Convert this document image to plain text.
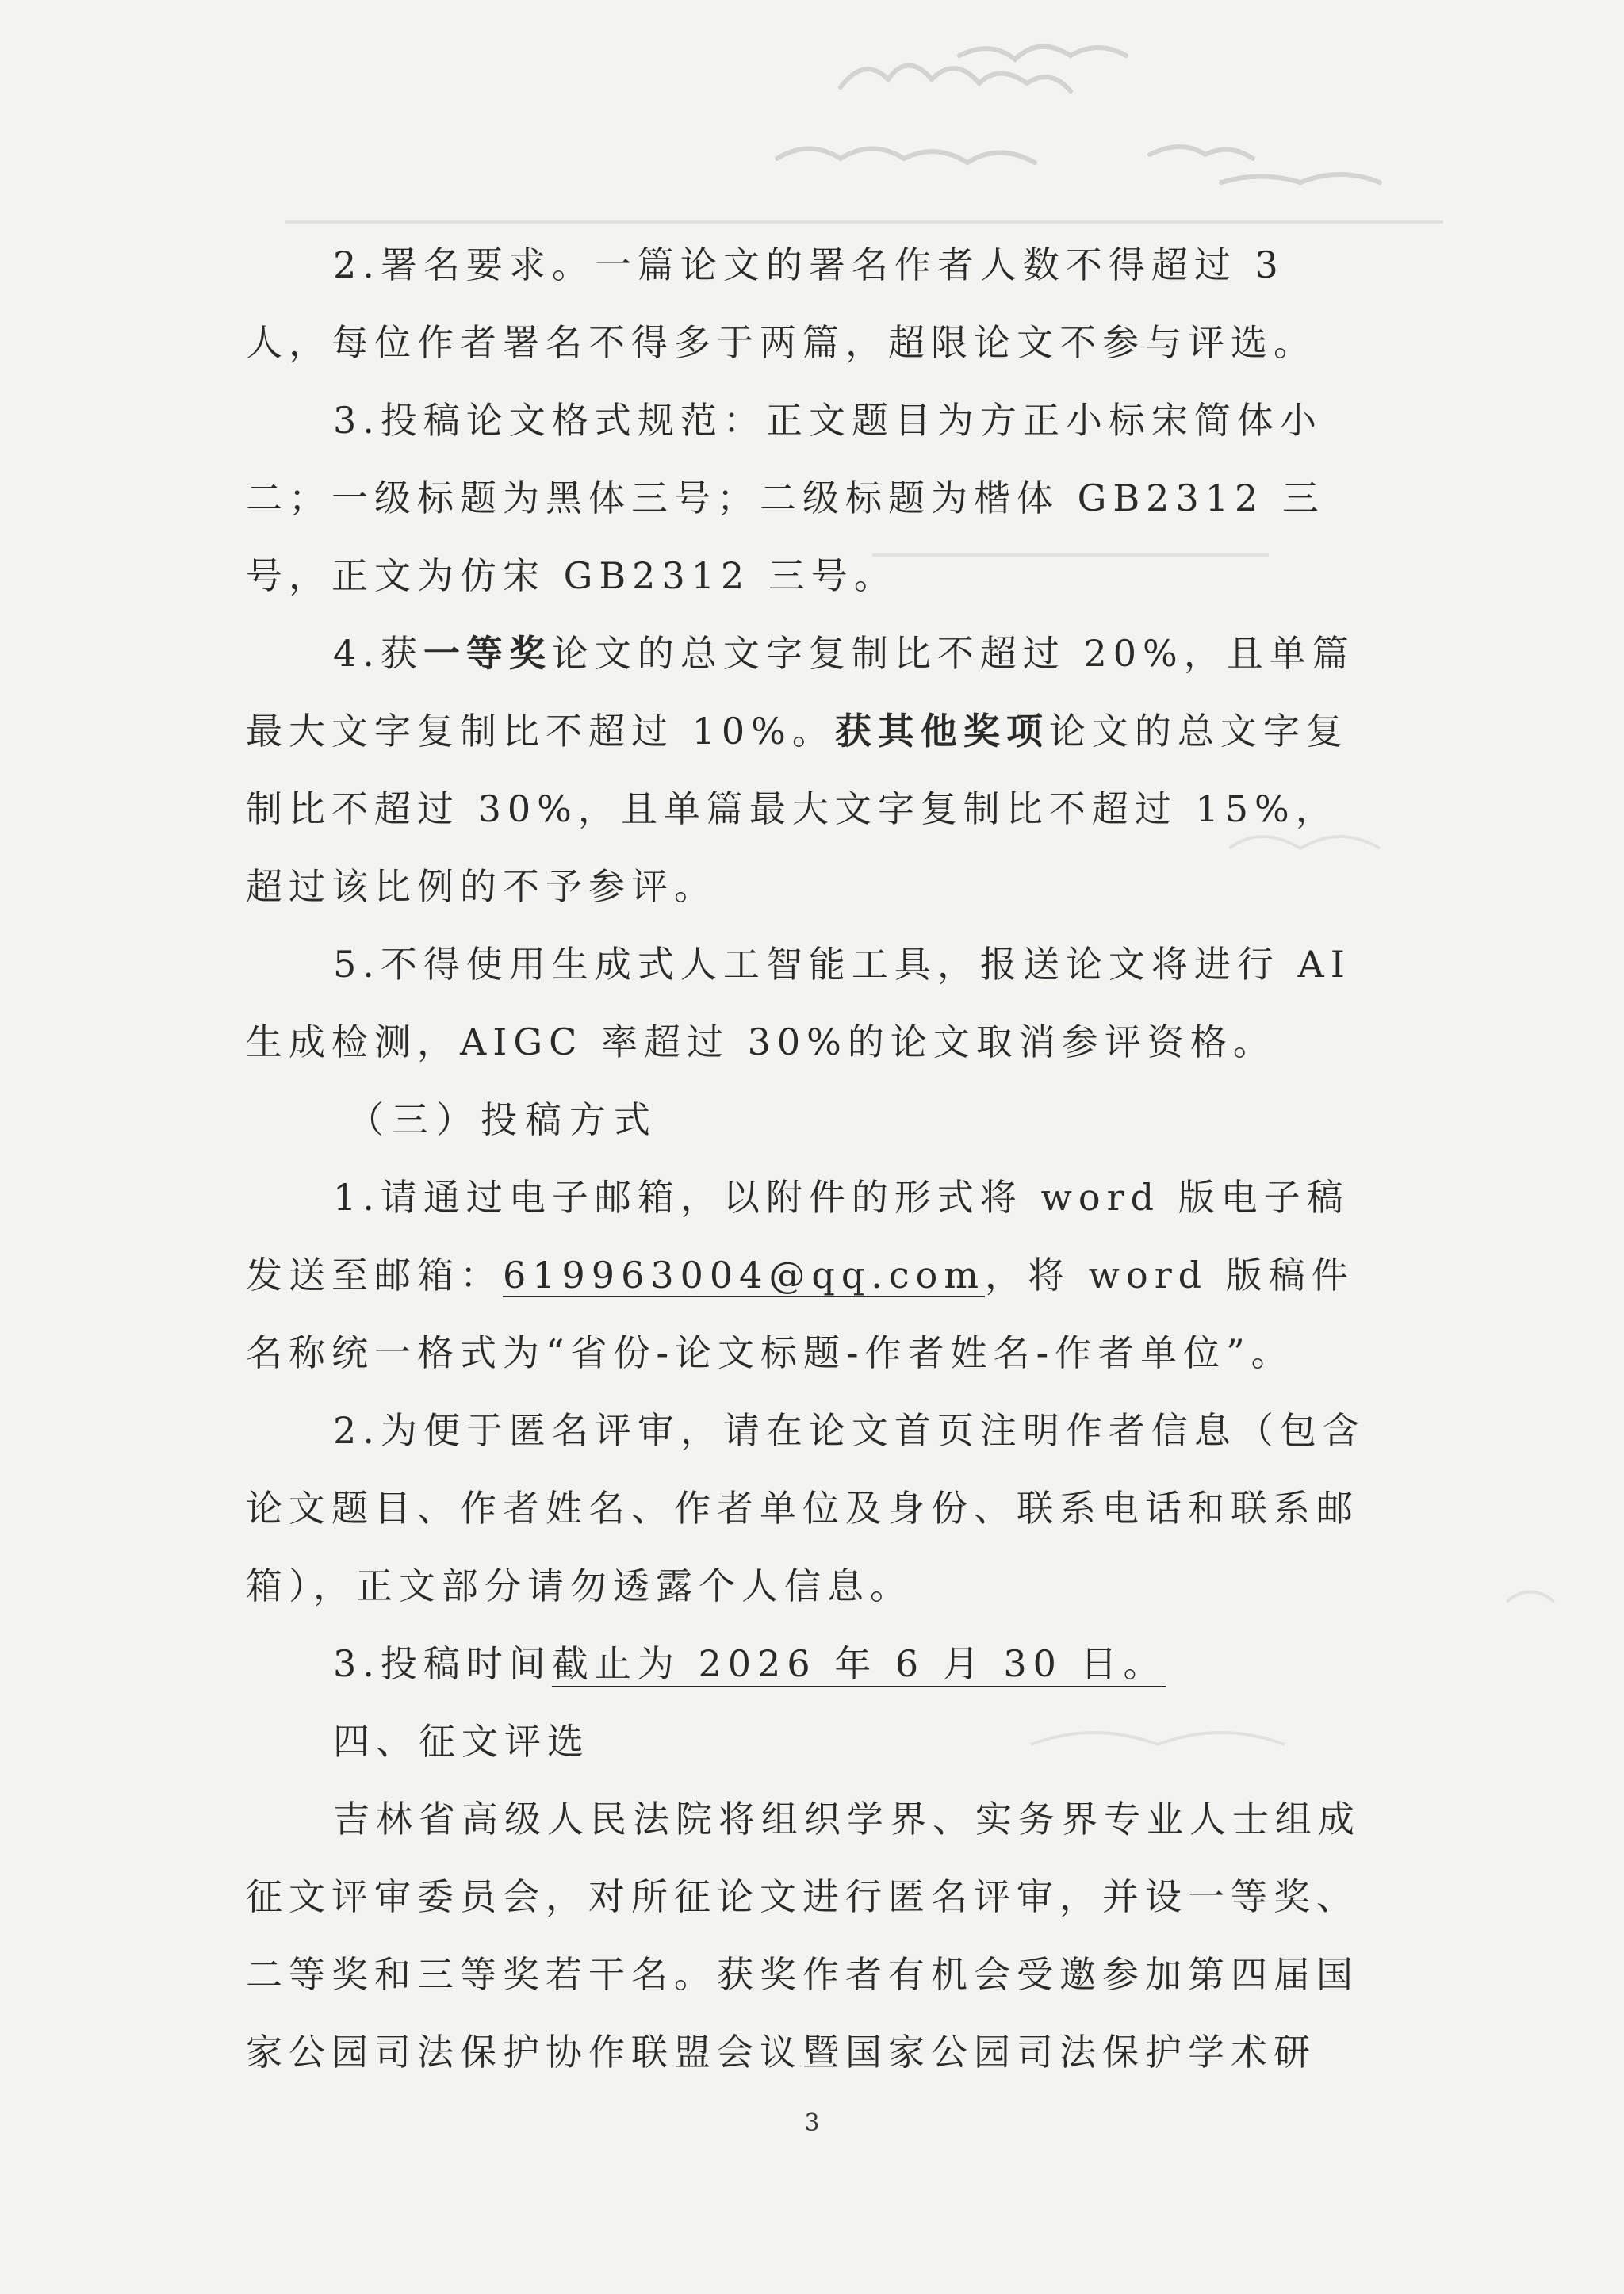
2.署名要求。一篇论文的署名作者人数不得超过 3 人，每位作者署名不得多于两篇，超限论文不参与评选。

3.投稿论文格式规范：正文题目为方正小标宋简体小二；一级标题为黑体三号；二级标题为楷体 GB2312 三号，正文为仿宋 GB2312 三号。

4.获一等奖论文的总文字复制比不超过 20%，且单篇最大文字复制比不超过 10%。获其他奖项论文的总文字复制比不超过 30%，且单篇最大文字复制比不超过 15%，超过该比例的不予参评。

5.不得使用生成式人工智能工具，报送论文将进行 AI 生成检测，AIGC 率超过 30%的论文取消参评资格。

（三）投稿方式

1.请通过电子邮箱，以附件的形式将 word 版电子稿发送至邮箱：619963004@qq.com，将 word 版稿件名称统一格式为“省份-论文标题-作者姓名-作者单位”。

2.为便于匿名评审，请在论文首页注明作者信息（包含论文题目、作者姓名、作者单位及身份、联系电话和联系邮箱），正文部分请勿透露个人信息。

3.投稿时间截止为 2026 年 6 月 30 日。

四、征文评选

吉林省高级人民法院将组织学界、实务界专业人士组成征文评审委员会，对所征论文进行匿名评审，并设一等奖、二等奖和三等奖若干名。获奖作者有机会受邀参加第四届国家公园司法保护协作联盟会议暨国家公园司法保护学术研

3
